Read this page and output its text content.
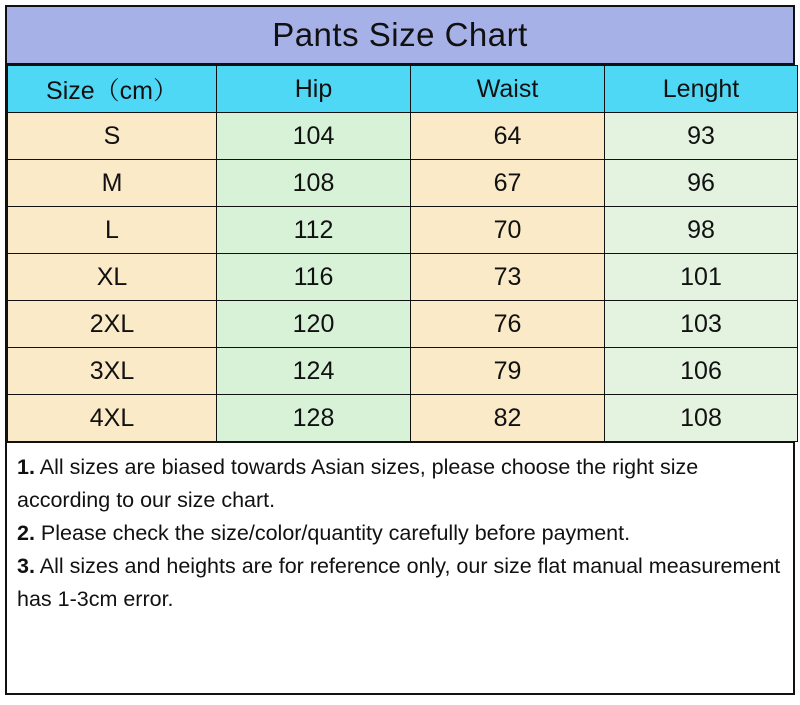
Pants Size Chart
Size（cm）	Hip	Waist	Lenght
S	104	64	93
M	108	67	96
L	112	70	98
XL	116	73	101
2XL	120	76	103
3XL	124	79	106
4XL	128	82	108
1. All sizes are biased towards Asian sizes, please choose the right size according to our size chart.
2. Please check the size/color/quantity carefully before payment.
3. All sizes and heights are for reference only, our size flat manual measurement has 1-3cm error.
